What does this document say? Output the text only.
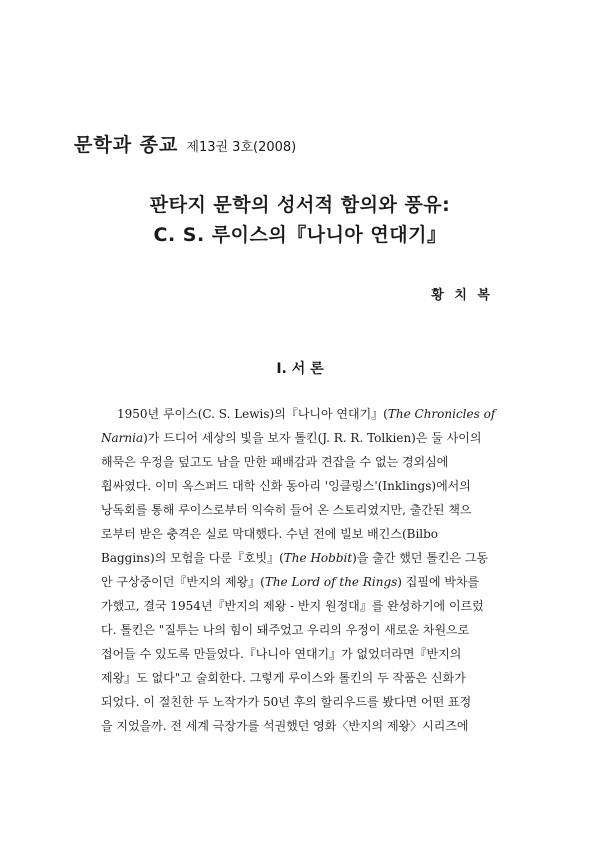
문학과 종교 제13권 3호(2008)
판타지 문학의 성서적 함의와 풍유:
C. S. 루이스의『나니아 연대기』
황 치 복
I. 서 론
1950년 루이스(C. S. Lewis)의『나니아 연대기』(The Chronicles of
Narnia)가 드디어 세상의 빛을 보자 톨킨(J. R. R. Tolkien)은 둘 사이의
해묵은 우정을 덮고도 남을 만한 패배감과 견잡을 수 없는 경외심에
휩싸였다. 이미 옥스퍼드 대학 신화 동아리 '잉클링스'(Inklings)에서의
낭독회를 통해 루이스로부터 익숙히 들어 온 스토리였지만, 출간된 책으
로부터 받은 충격은 실로 막대했다. 수년 전에 빌보 배긴스(Bilbo
Baggins)의 모험을 다룬『호빗』(The Hobbit)을 출간 했던 톨킨은 그동
안 구상중이던『반지의 제왕』(The Lord of the Rings) 집필에 박차를
가했고, 결국 1954년『반지의 제왕 - 반지 원정대』를 완성하기에 이르렀
다. 톨킨은 "질투는 나의 힘이 돼주었고 우리의 우정이 새로운 차원으로
접어들 수 있도록 만들었다.『나니아 연대기』가 없었더라면『반지의
제왕』도 없다"고 술회한다. 그렇게 루이스와 톨킨의 두 작품은 신화가
되었다. 이 절친한 두 노작가가 50년 후의 할리우드를 봤다면 어떤 표정
을 지었을까. 전 세계 극장가를 석권했던 영화〈반지의 제왕〉시리즈에
